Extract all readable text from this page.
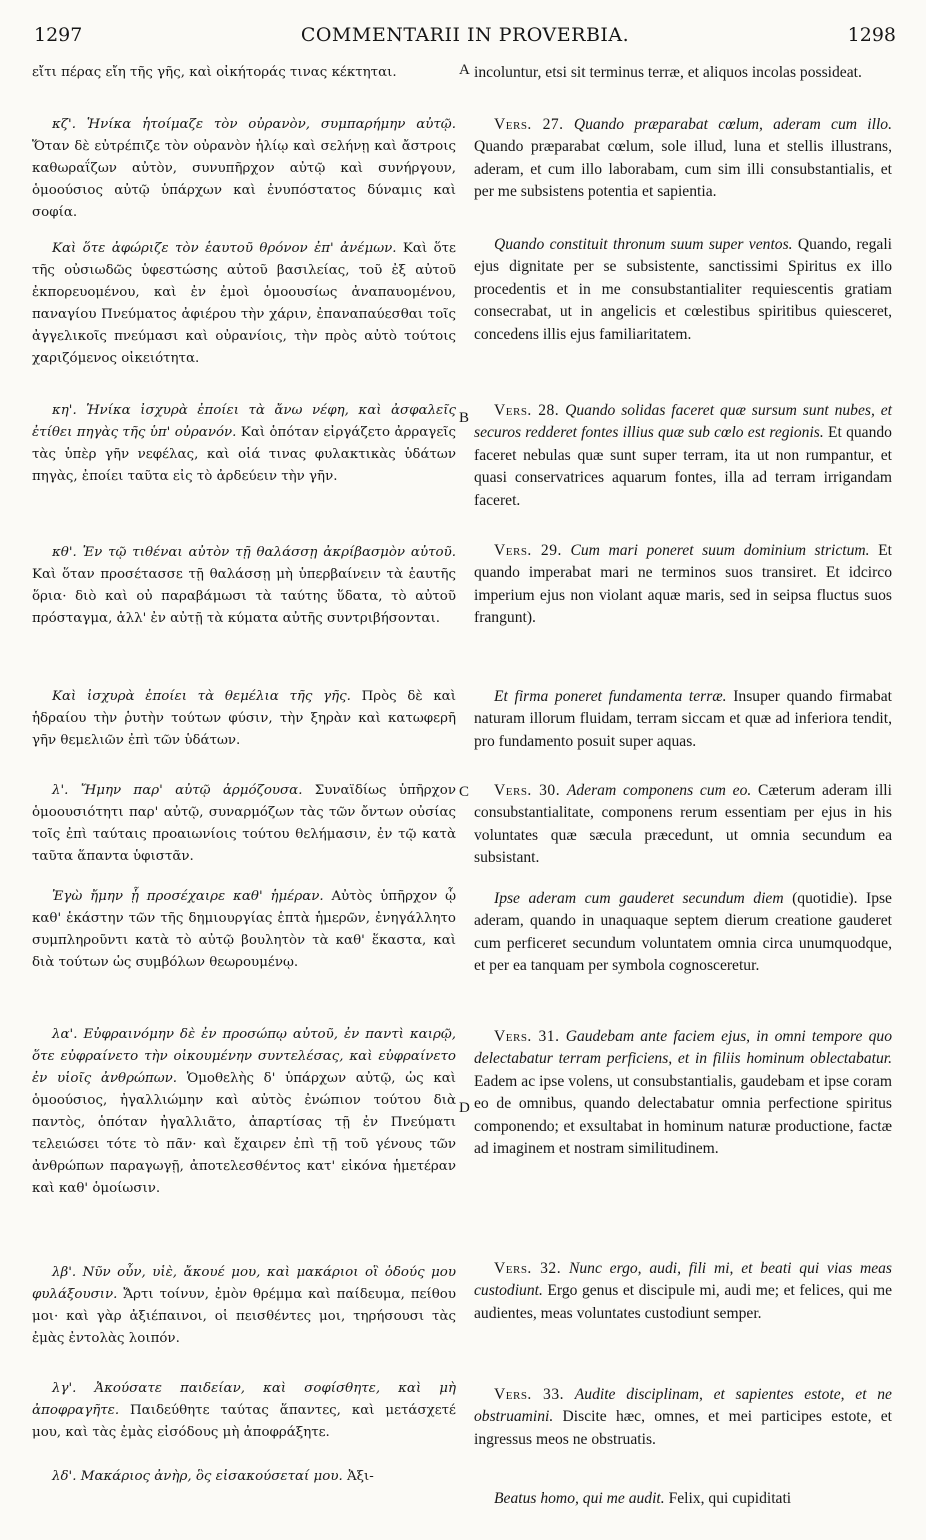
1297	COMMENTARII IN PROVERBIA.	1298

εἴτι πέρας εἴη τῆς γῆς, καὶ οἰκήτοράς τινας κέκτηται.

κζ'. Ἡνίκα ἡτοίμαζε τὸν οὐρανὸν, συμπαρήμην αὐτῷ. Ὅταν δὲ εὐτρέπιζε τὸν οὐρανὸν ἡλίῳ καὶ σελήνῃ καὶ ἄστροις καθωραΐζων αὐτὸν, συνυπῆρχον αὐτῷ καὶ συνήργουν, ὁμοούσιος αὐτῷ ὑπάρχων καὶ ἐνυπόστατος δύναμις καὶ σοφία.

Καὶ ὅτε ἀφώριζε τὸν ἑαυτοῦ θρόνον ἐπ' ἀνέμων. Καὶ ὅτε τῆς οὐσιωδῶς ὑφεστώσης αὐτοῦ βασιλείας, τοῦ ἐξ αὐτοῦ ἐκπορευομένου, καὶ ἐν ἐμοὶ ὁμοουσίως ἀναπαυομένου, παναγίου Πνεύματος ἀφιέρου τὴν χάριν, ἐπαναπαύεσθαι τοῖς ἀγγελικοῖς πνεύμασι καὶ οὐρανίοις, τὴν πρὸς αὐτὸ τούτοις χαριζόμενος οἰκειότητα.

κη'. Ἡνίκα ἰσχυρὰ ἐποίει τὰ ἄνω νέφη, καὶ ἀσφαλεῖς ἐτίθει πηγὰς τῆς ὑπ' οὐρανόν. Καὶ ὁπόταν εἰργάζετο ἀρραγεῖς τὰς ὑπὲρ γῆν νεφέλας, καὶ οἱά τινας φυλακτικὰς ὑδάτων πηγὰς, ἐποίει ταῦτα εἰς τὸ ἀρδεύειν τὴν γῆν.

κθ'. Ἐν τῷ τιθέναι αὐτὸν τῇ θαλάσσῃ ἀκρίβασμὸν αὐτοῦ. Καὶ ὅταν προσέτασσε τῇ θαλάσσῃ μὴ ὑπερβαίνειν τὰ ἑαυτῆς ὅρια· διὸ καὶ οὐ παραβάμωσι τὰ ταύτης ὕδατα, τὸ αὐτοῦ πρόσταγμα, ἀλλ' ἐν αὐτῇ τὰ κύματα αὐτῆς συντριβήσονται.

Καὶ ἰσχυρὰ ἐποίει τὰ θεμέλια τῆς γῆς. Πρὸς δὲ καὶ ἡδραίου τὴν ῥυτὴν τούτων φύσιν, τὴν ξηρὰν καὶ κατωφερῆ γῆν θεμελιῶν ἐπὶ τῶν ὑδάτων.

λ'. Ἤμην παρ' αὐτῷ ἁρμόζουσα. Συναϊδίως ὑπῆρχον ὁμοουσιότητι παρ' αὐτῷ, συναρμόζων τὰς τῶν ὄντων οὐσίας τοῖς ἐπὶ ταύταις προαιωνίοις τούτου θελήμασιν, ἐν τῷ κατὰ ταῦτα ἅπαντα ὑφιστᾶν.

Ἐγὼ ἤμην ᾗ προσέχαιρε καθ' ἡμέραν. Αὐτὸς ὑπῆρχον ᾧ καθ' ἑκάστην τῶν τῆς δημιουργίας ἑπτὰ ἡμερῶν, ἐνηγάλλητο συμπληροῦντι κατὰ τὸ αὐτῷ βουλητὸν τὰ καθ' ἕκαστα, καὶ διὰ τούτων ὡς συμβόλων θεωρουμένῳ.

λα'. Εὐφραινόμην δὲ ἐν προσώπῳ αὐτοῦ, ἐν παντὶ καιρῷ, ὅτε εὐφραίνετο τὴν οἰκουμένην συντελέσας, καὶ εὐφραίνετο ἐν υἱοῖς ἀνθρώπων. Ὁμοθελὴς δ' ὑπάρχων αὐτῷ, ὡς καὶ ὁμοούσιος, ἠγαλλιώμην καὶ αὐτὸς ἐνώπιον τούτου διὰ παντὸς, ὁπόταν ἠγαλλιᾶτο, ἀπαρτίσας τῇ ἐν Πνεύματι τελειώσει τότε τὸ πᾶν· καὶ ἔχαιρεν ἐπὶ τῇ τοῦ γένους τῶν ἀνθρώπων παραγωγῇ, ἀποτελεσθέντος κατ' εἰκόνα ἡμετέραν καὶ καθ' ὁμοίωσιν.

λβ'. Νῦν οὖν, υἱὲ, ἄκουέ μου, καὶ μακάριοι οἳ ὁδούς μου φυλάξουσιν. Ἄρτι τοίνυν, ἐμὸν θρέμμα καὶ παίδευμα, πείθου μοι· καὶ γὰρ ἀξιέπαινοι, οἱ πεισθέντες μοι, τηρήσουσι τὰς ἐμὰς ἐντολὰς λοιπόν.

λγ'. Ἀκούσατε παιδείαν, καὶ σοφίσθητε, καὶ μὴ ἀποφραγῆτε. Παιδεύθητε ταύτας ἅπαντες, καὶ μετάσχετέ μου, καὶ τὰς ἐμὰς εἰσόδους μὴ ἀποφράξητε.

λδ'. Μακάριος ἀνὴρ, ὃς εἰσακούσεταί μου. Ἀξι-

incoluntur, etsi sit terminus terræ, et aliquos incolas possideat.

Vers. 27. Quando præparabat cœlum, aderam cum illo. Quando præparabat cœlum, sole illud, luna et stellis illustrans, aderam, et cum illo laborabam, cum sim illi consubstantialis, et per me subsistens potentia et sapientia.

Quando constituit thronum suum super ventos. Quando, regali ejus dignitate per se subsistente, sanctissimi Spiritus ex illo procedentis et in me consubstantialiter requiescentis gratiam consecrabat, ut in angelicis et cœlestibus spiritibus quiesceret, concedens illis ejus familiaritatem.

Vers. 28. Quando solidas faceret quæ sursum sunt nubes, et securos redderet fontes illius quæ sub cœlo est regionis. Et quando faceret nebulas quæ sunt super terram, ita ut non rumpantur, et quasi conservatrices aquarum fontes, illa ad terram irrigandam faceret.

Vers. 29. Cum mari poneret suum dominium strictum. Et quando imperabat mari ne terminos suos transiret. Et idcirco imperium ejus non violant aquæ maris, sed in seipsa fluctus suos frangunt).

Et firma poneret fundamenta terræ. Insuper quando firmabat naturam illorum fluidam, terram siccam et quæ ad inferiora tendit, pro fundamento posuit super aquas.

Vers. 30. Aderam componens cum eo. Cæterum aderam illi consubstantialitate, componens rerum essentiam per ejus in his voluntates quæ sæcula præcedunt, ut omnia secundum ea subsistant.

Ipse aderam cum gauderet secundum diem (quotidie). Ipse aderam, quando in unaquaque septem dierum creatione gauderet cum perficeret secundum voluntatem omnia circa unumquodque, et per ea tanquam per symbola cognosceretur.

Vers. 31. Gaudebam ante faciem ejus, in omni tempore quo delectabatur terram perficiens, et in filiis hominum oblectabatur. Eadem ac ipse volens, ut consubstantialis, gaudebam et ipse coram eo de omnibus, quando delectabatur omnia perfectione spiritus componendo; et exsultabat in hominum naturæ productione, factæ ad imaginem et nostram similitudinem.

Vers. 32. Nunc ergo, audi, fili mi, et beati qui vias meas custodiunt. Ergo genus et discipule mi, audi me; et felices, qui me audientes, meas voluntates custodiunt semper.

Vers. 33. Audite disciplinam, et sapientes estote, et ne obstruamini. Discite hæc, omnes, et mei participes estote, et ingressus meos ne obstruatis.

Beatus homo, qui me audit. Felix, qui cupiditati

A
B
C
D
